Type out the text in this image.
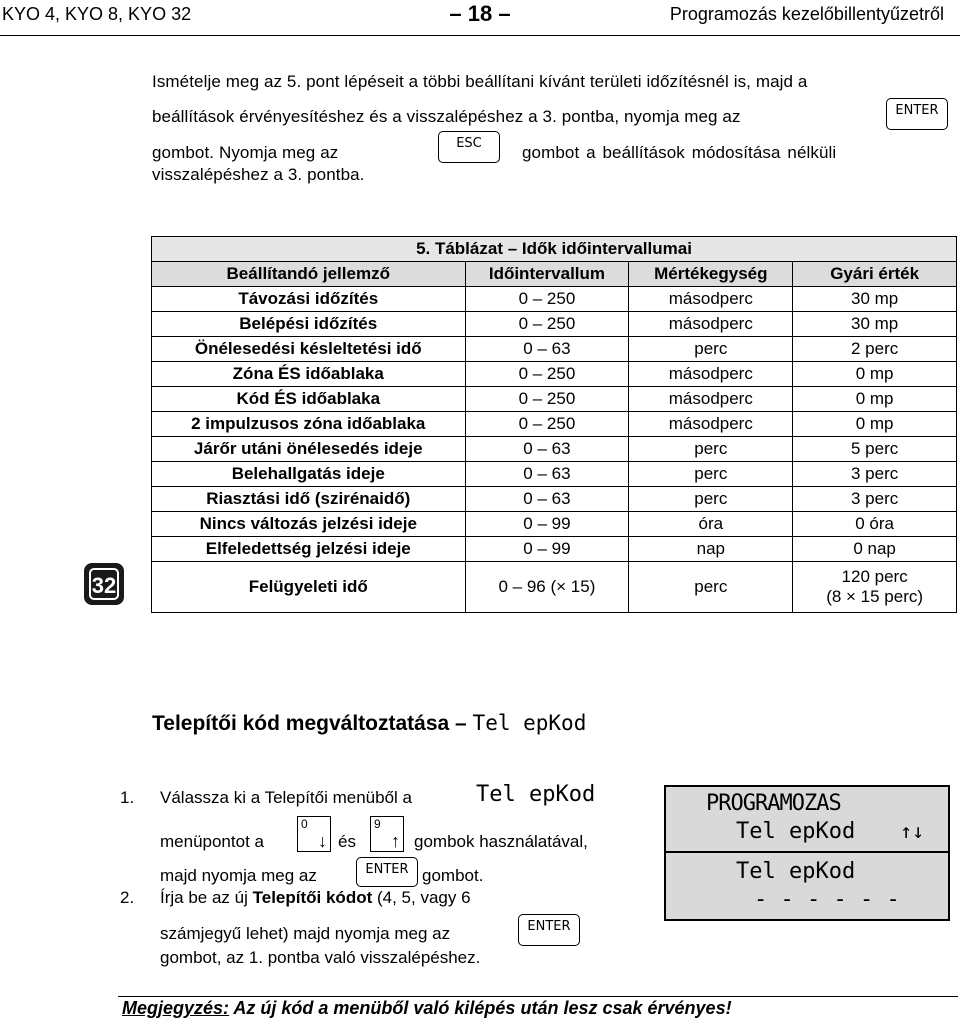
KYO 4, KYO 8, KYO 32	– 18 –	Programozás kezelőbillentyűzetről
Ismételje meg az 5. pont lépéseit a többi beállítani kívánt területi időzítésnél is, majd a
beállítások érvényesítéshez és a visszalépéshez a 3. pontba, nyomja meg az	ENTER
gombot. Nyomja meg az	ESC	gombot a beállítások módosítása nélküli
visszalépéshez a 3. pontba.
5. Táblázat – Idők időintervallumai			
Beállítandó jellemző	Időintervallum	Mértékegység	Gyári érték
Távozási időzítés	0 – 250	másodperc	30 mp
Belépési időzítés	0 – 250	másodperc	30 mp
Önélesedési késleltetési idő	0 – 63	perc	2 perc
Zóna ÉS időablaka	0 – 250	másodperc	0 mp
Kód ÉS időablaka	0 – 250	másodperc	0 mp
2 impulzusos zóna időablaka	0 – 250	másodperc	0 mp
Járőr utáni önélesedés ideje	0 – 63	perc	5 perc
Belehallgatás ideje	0 – 63	perc	3 perc
Riasztási idő (szirénaidő)	0 – 63	perc	3 perc
Nincs változás jelzési ideje	0 – 99	óra	0 óra
Elfeledettség jelzési ideje	0 – 99	nap	0 nap
Felügyeleti idő	0 – 96 (× 15)	perc	120 perc
(8 × 15 perc)
32
Telepítői kód megváltoztatása – Tel epKod
1. Válassza ki a Telepítői menüből a	Tel epKod
menüpontot a
0
↓ és
9
↑ gombok használatával,
majd nyomja meg az	ENTER gombot.
2. Írja be az új Telepítői kódot (4, 5, vagy 6
számjegyű lehet) majd nyomja meg az	ENTER
gombot, az 1. pontba való visszalépéshez.
PROGRAMOZAS
Tel epKod ↑↓
Tel epKod
- - - - - -
Megjegyzés: Az új kód a menüből való kilépés után lesz csak érvényes!
